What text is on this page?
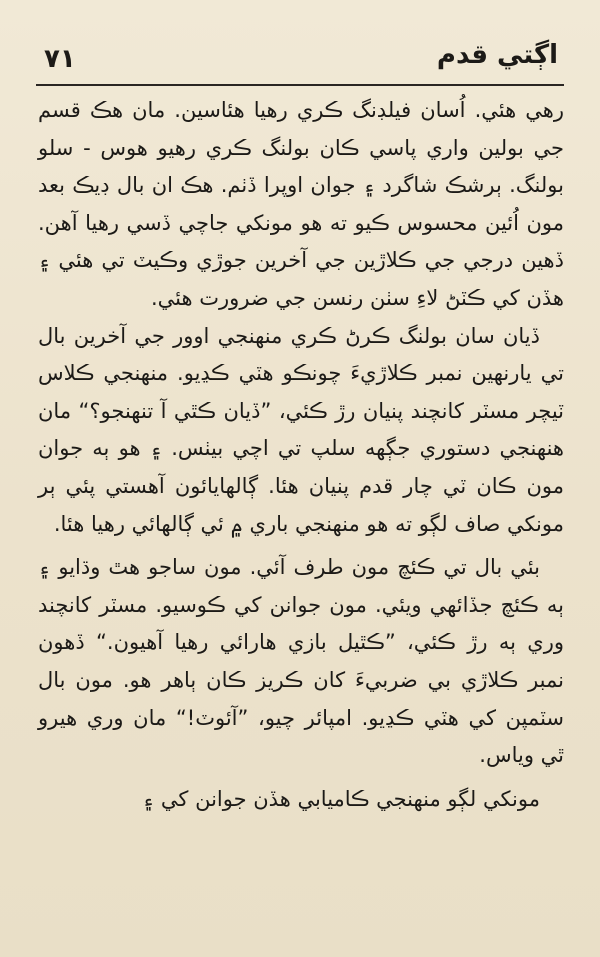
٧١	اڳتي قدم

رهي هئي. اُسان فيلڊنگ ڪري رهيا هئاسين. مان هڪ قسم جي بولين واري پاسي ڪان بولنگ ڪري رهيو هوس - سلو بولنگ. ٻرشڪ شاگرد ۽ جوان اوپرا ڏٺم. هڪ ان بال ڊيڪ بعد مون اُئين محسوس ڪيو ته هو مونکي جاچي ڏسي رهيا آهن. ڏهين درجي جي ڪلاڙين جي آخرين جوڙي وڪيٽ تي هئي ۽ هڏن کي ڪٽڻ لاءِ سٺن رنسن جي ضرورت هئي.

ڏيان سان بولنگ ڪرڻ ڪري منهنجي اوور جي آخرين بال تي يارنهين نمبر ڪلاڙيءَ چونڪو هٽي ڪڍيو. منهنجي ڪلاس ٽيچر مسٽر کانچند پنيان رڙ ڪئي، ”ڏيان ڪٿي آ تنهنجو؟“ مان هنهنجي دستوري جڳهه سلپ تي اچي بيٺس. ۽ هو ٻه جوان مون ڪان ٽي چار قدم پنيان هئا. ڳالهايائون آهستي پئي ٻر مونکي صاف لڳو ته هو منهنجي باري ۾ ئي ڳالهائي رهيا هئا.

بئي بال تي ڪئچ مون طرف آئي. مون ساجو هٿ وڌايو ۽ ٻه ڪئچ جڏائهي ويئي. مون جوانن کي ڪوسيو. مسٽر کانچند وري ٻه رڙ ڪئي، ”ڪٿيل بازي هارائي رهيا آهيون.“ ڏهون نمبر ڪلاڙي بي ضربيءَ کان ڪريز ڪان ٻاهر هو. مون بال سٽمپن کي هٽي ڪڍيو. امپائر چيو، ”آئوٽ!“ مان وري هيرو ٿي وياس.

مونکي لڳو منهنجي ڪاميابي هڏن جوانن کي ۽
